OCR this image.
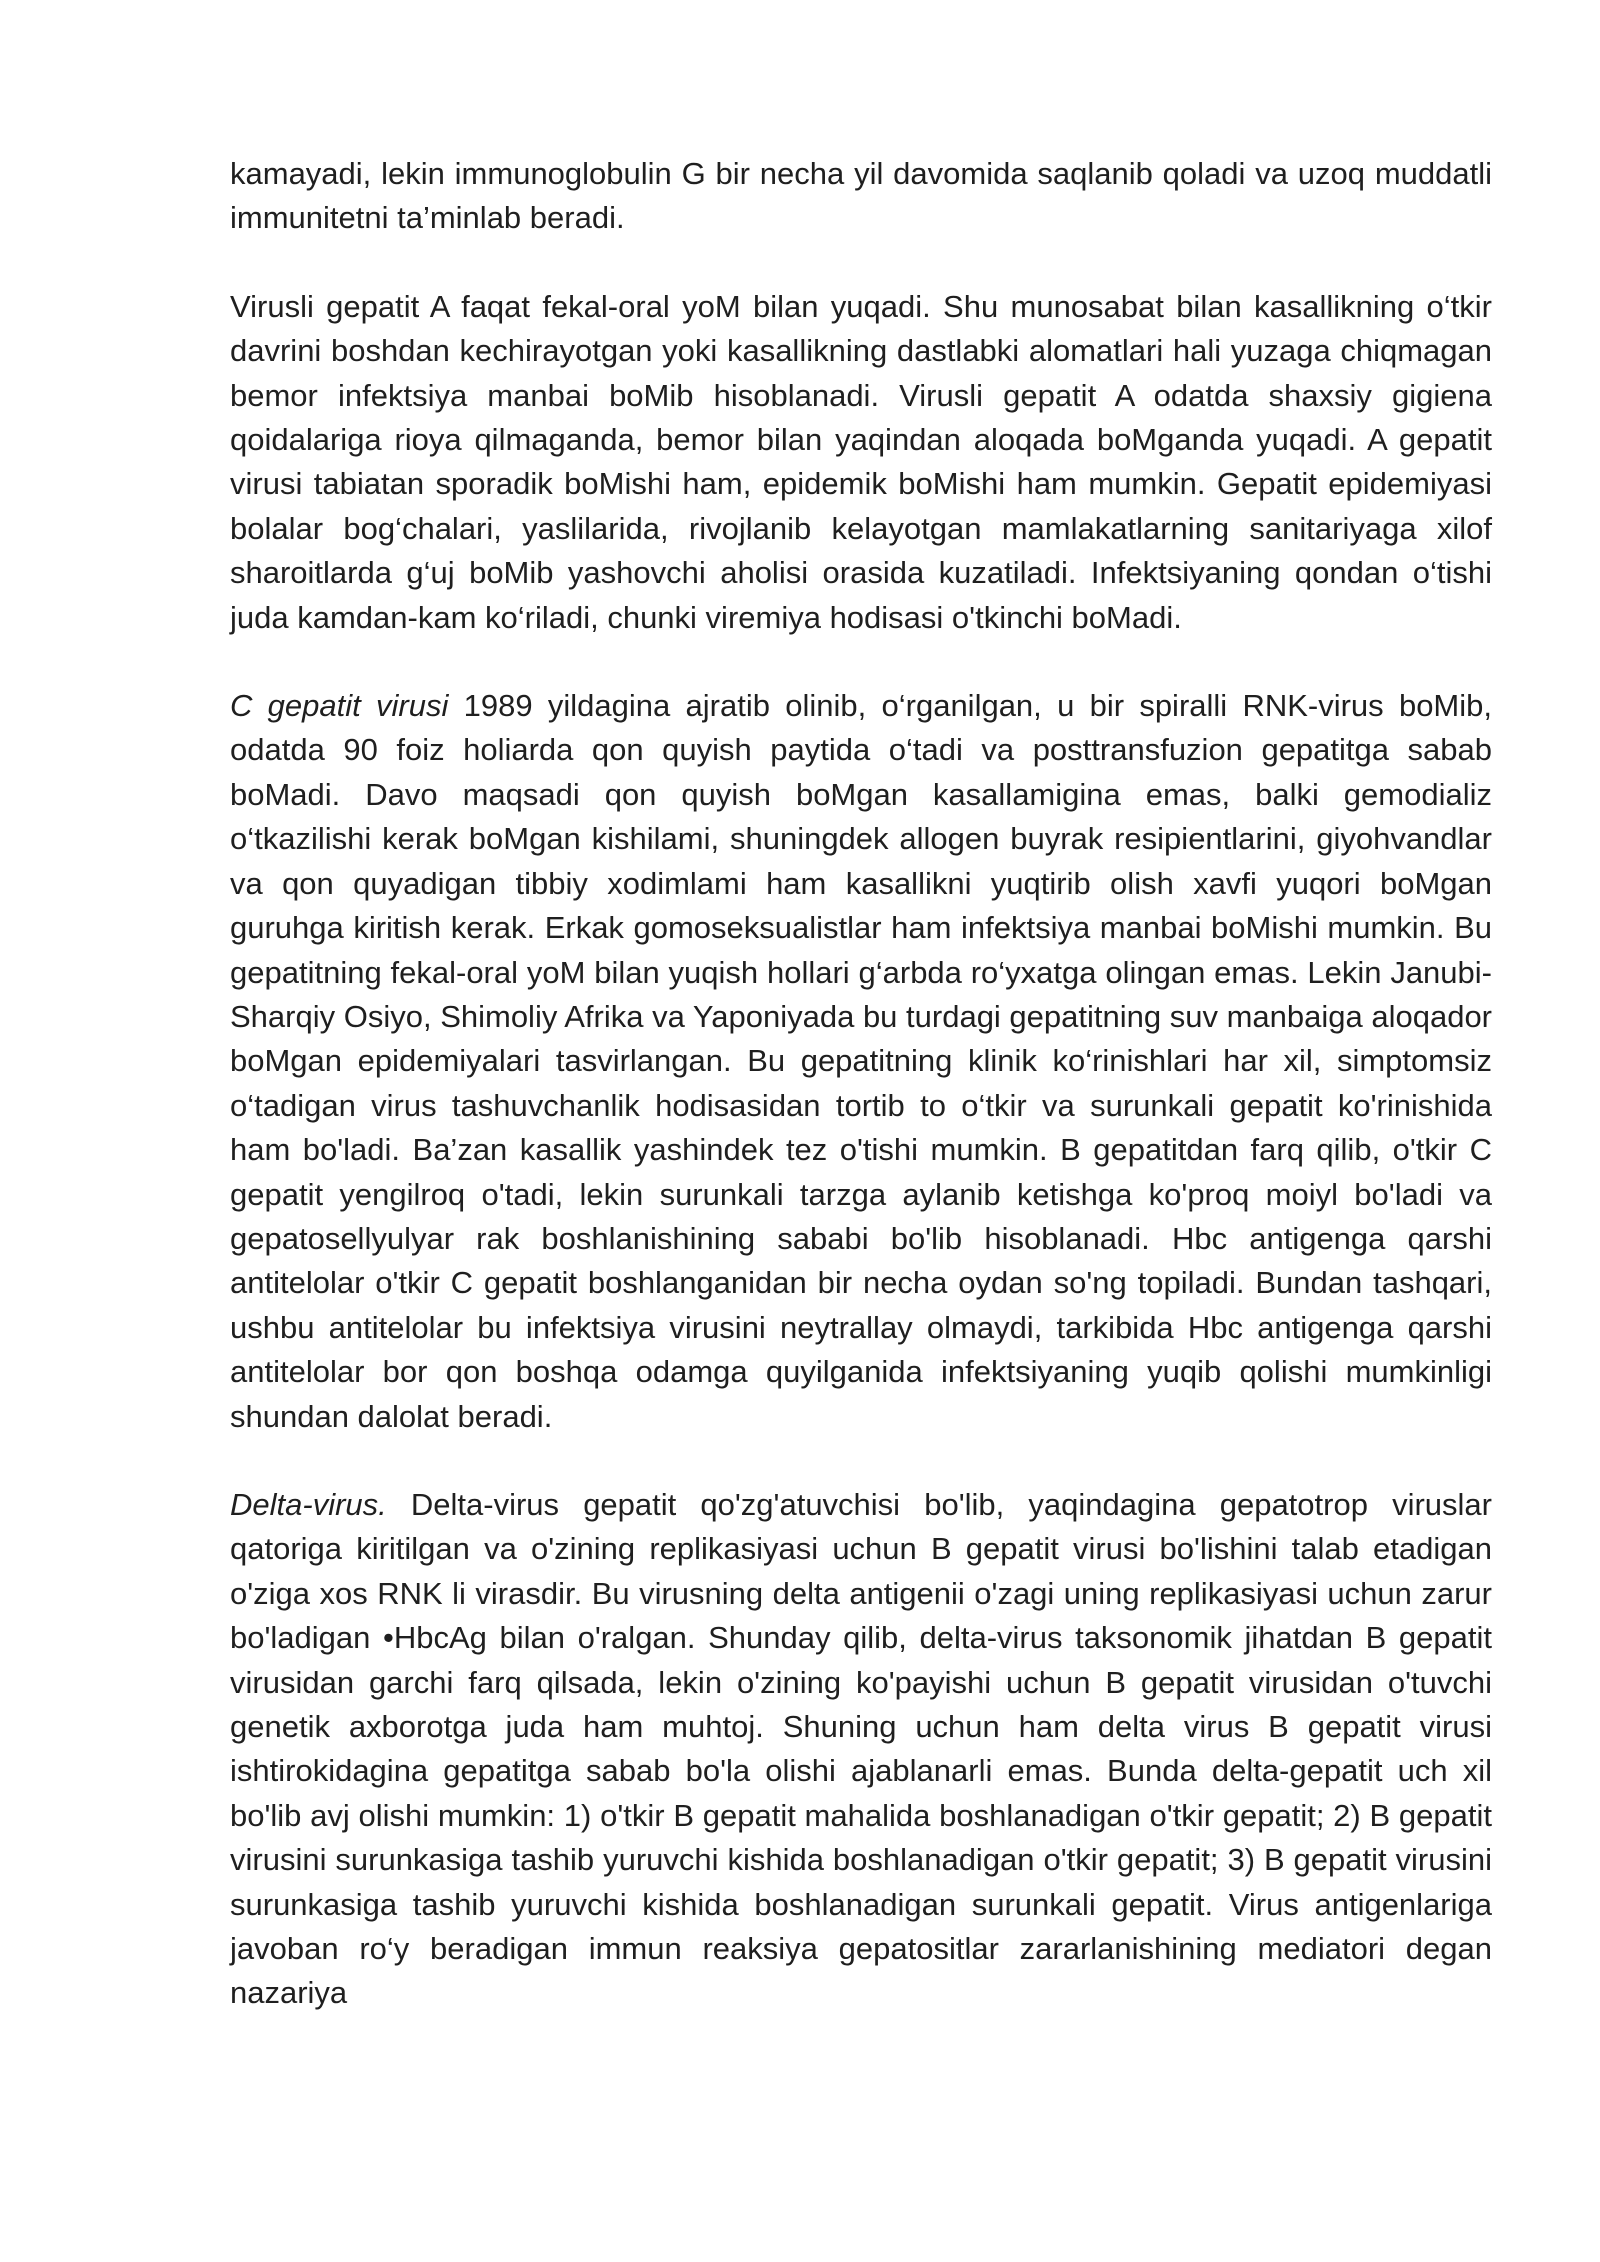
kamayadi, lekin immunoglobulin G bir necha yil davomida saqlanib qoladi va uzoq muddatli immunitetni ta’minlab beradi.

Virusli gepatit A faqat fekal-oral yoM bilan yuqadi. Shu munosabat bilan kasallikning o‘tkir davrini boshdan kechirayotgan yoki kasallikning dastlabki alomatlari hali yuzaga chiqmagan bemor infektsiya manbai boMib hisoblanadi. Virusli gepatit A odatda shaxsiy gigiena qoidalariga rioya qilmaganda, bemor bilan yaqindan aloqada boMganda yuqadi. A gepatit virusi tabiatan sporadik boMishi ham, epidemik boMishi ham mumkin. Gepatit epidemiyasi bolalar bog‘chalari, yaslilarida, rivojlanib kelayotgan mamlakatlarning sanitariyaga xilof sharoitlarda g‘uj boMib yashovchi aholisi orasida kuzatiladi. Infektsiyaning qondan o‘tishi juda kamdan-kam ko‘riladi, chunki viremiya hodisasi o'tkinchi boMadi.

C gepatit virusi 1989 yildagina ajratib olinib, o‘rganilgan, u bir spiralli RNK-virus boMib, odatda 90 foiz holiarda qon quyish paytida o‘tadi va posttransfuzion gepatitga sabab boMadi. Davo maqsadi qon quyish boMgan kasallamigina emas, balki gemodializ o‘tkazilishi kerak boMgan kishilami, shuningdek allogen buyrak resipientlarini, giyohvandlar va qon quyadigan tibbiy xodimlami ham kasallikni yuqtirib olish xavfi yuqori boMgan guruhga kiritish kerak. Erkak gomoseksualistlar ham infektsiya manbai boMishi mumkin. Bu gepatitning fekal-oral yoM bilan yuqish hollari g‘arbda ro‘yxatga olingan emas. Lekin Janubi-Sharqiy Osiyo, Shimoliy Afrika va Yaponiyada bu turdagi gepatitning suv manbaiga aloqador boMgan epidemiyalari tasvirlangan. Bu gepatitning klinik ko‘rinishlari har xil, simptomsiz o‘tadigan virus tashuvchanlik hodisasidan tortib to o‘tkir va surunkali gepatit ko'rinishida ham bo'ladi. Ba’zan kasallik yashindek tez o'tishi mumkin. B gepatitdan farq qilib, o'tkir C gepatit yengilroq o'tadi, lekin surunkali tarzga aylanib ketishga ko'proq moiyl bo'ladi va gepatosellyulyar rak boshlanishining sababi bo'lib hisoblanadi. Hbc antigenga qarshi antitelolar o'tkir C gepatit boshlanganidan bir necha oydan so'ng topiladi. Bundan tashqari, ushbu antitelolar bu infektsiya virusini neytrallay olmaydi, tarkibida Hbc antigenga qarshi antitelolar bor qon boshqa odamga quyilganida infektsiyaning yuqib qolishi mumkinligi shundan dalolat beradi.

Delta-virus. Delta-virus gepatit qo'zg'atuvchisi bo'lib, yaqindagina gepatotrop viruslar qatoriga kiritilgan va o'zining replikasiyasi uchun B gepatit virusi bo'lishini talab etadigan o'ziga xos RNK li virasdir. Bu virusning delta antigenii o'zagi uning replikasiyasi uchun zarur bo'ladigan •HbcAg bilan o'ralgan. Shunday qilib, delta-virus taksonomik jihatdan B gepatit virusidan garchi farq qilsada, lekin o'zining ko'payishi uchun B gepatit virusidan o'tuvchi genetik axborotga juda ham muhtoj. Shuning uchun ham delta virus B gepatit virusi ishtirokidagina gepatitga sabab bo'la olishi ajablanarli emas. Bunda delta-gepatit uch xil bo'lib avj olishi mumkin: 1) o'tkir B gepatit mahalida boshlanadigan o'tkir gepatit; 2) B gepatit virusini surunkasiga tashib yuruvchi kishida boshlanadigan o'tkir gepatit; 3) B gepatit virusini surunkasiga tashib yuruvchi kishida boshlanadigan surunkali gepatit. Virus antigenlariga javoban ro‘y beradigan immun reaksiya gepatositlar zararlanishining mediatori degan nazariya
